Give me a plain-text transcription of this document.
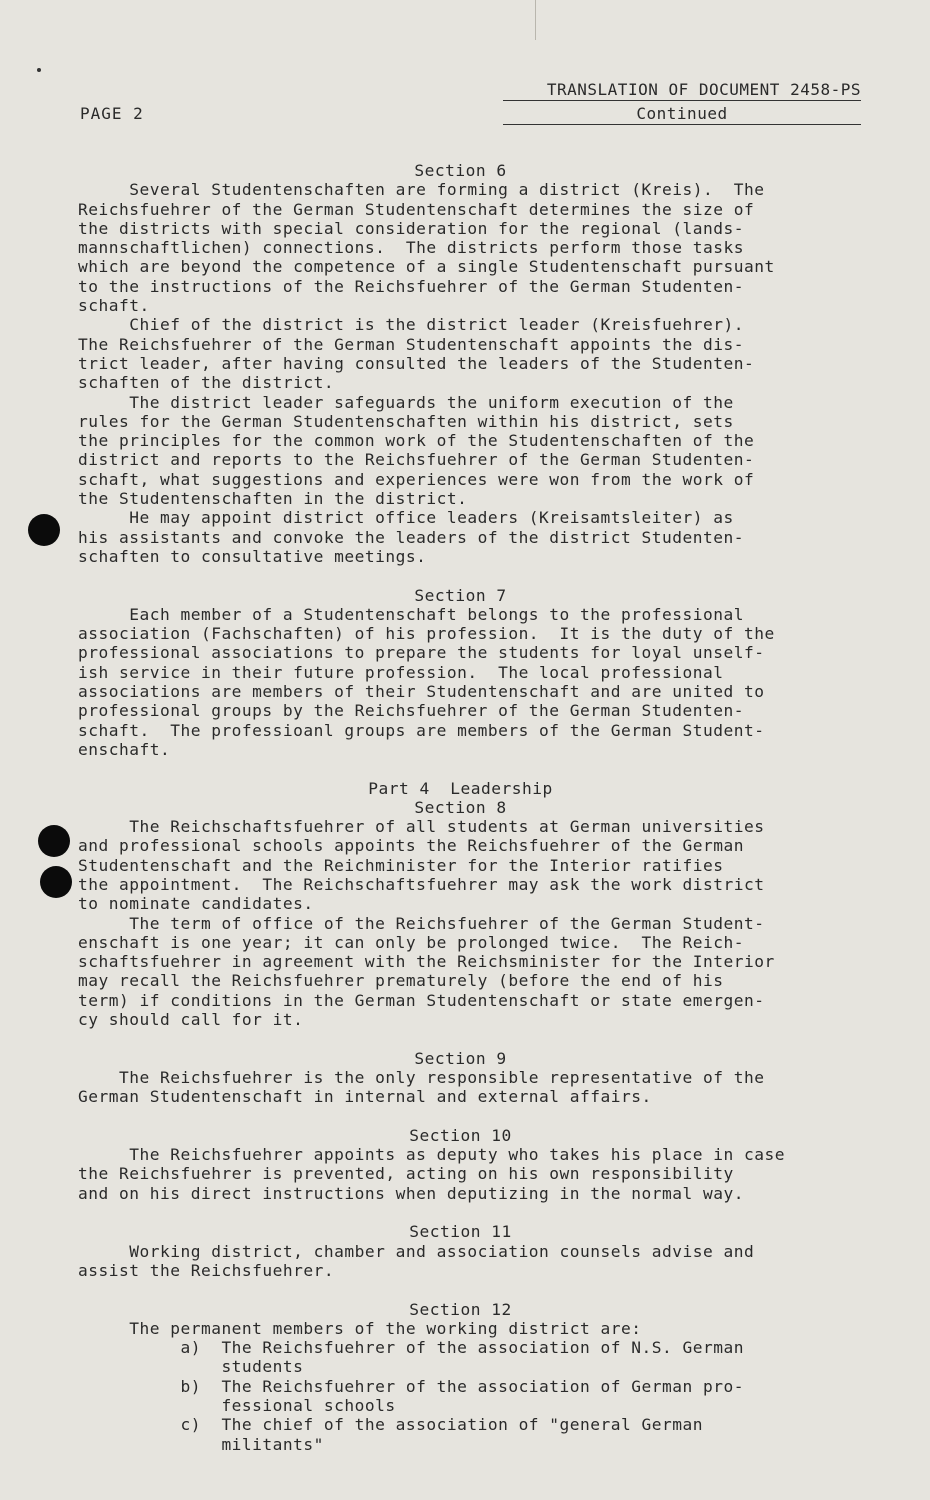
PAGE 2
TRANSLATION OF DOCUMENT 2458-PS
Continued
Section 6
Several Studentenschaften are forming a district (Kreis).  The
Reichsfuehrer of the German Studentenschaft determines the size of
the districts with special consideration for the regional (lands-
mannschaftlichen) connections.  The districts perform those tasks
which are beyond the competence of a single Studentenschaft pursuant
to the instructions of the Reichsfuehrer of the German Studenten-
schaft.
Chief of the district is the district leader (Kreisfuehrer).
The Reichsfuehrer of the German Studentenschaft appoints the dis-
trict leader, after having consulted the leaders of the Studenten-
schaften of the district.
The district leader safeguards the uniform execution of the
rules for the German Studentenschaften within his district, sets
the principles for the common work of the Studentenschaften of the
district and reports to the Reichsfuehrer of the German Studenten-
schaft, what suggestions and experiences were won from the work of
the Studentenschaften in the district.
He may appoint district office leaders (Kreisamtsleiter) as
his assistants and convoke the leaders of the district Studenten-
schaften to consultative meetings.
Section 7
Each member of a Studentenschaft belongs to the professional
association (Fachschaften) of his profession.  It is the duty of the
professional associations to prepare the students for loyal unself-
ish service in their future profession.  The local professional
associations are members of their Studentenschaft and are united to
professional groups by the Reichsfuehrer of the German Studenten-
schaft.  The professioanl groups are members of the German Student-
enschaft.
Part 4  Leadership
Section 8
The Reichschaftsfuehrer of all students at German universities
and professional schools appoints the Reichsfuehrer of the German
Studentenschaft and the Reichminister for the Interior ratifies
the appointment.  The Reichschaftsfuehrer may ask the work district
to nominate candidates.
The term of office of the Reichsfuehrer of the German Student-
enschaft is one year; it can only be prolonged twice.  The Reich-
schaftsfuehrer in agreement with the Reichsminister for the Interior
may recall the Reichsfuehrer prematurely (before the end of his
term) if conditions in the German Studentenschaft or state emergen-
cy should call for it.
Section 9
The Reichsfuehrer is the only responsible representative of the
German Studentenschaft in internal and external affairs.
Section 10
The Reichsfuehrer appoints as deputy who takes his place in case
the Reichsfuehrer is prevented, acting on his own responsibility
and on his direct instructions when deputizing in the normal way.
Section 11
Working district, chamber and association counsels advise and
assist the Reichsfuehrer.
Section 12
The permanent members of the working district are:
a)  The Reichsfuehrer of the association of N.S. German
students
b)  The Reichsfuehrer of the association of German pro-
fessional schools
c)  The chief of the association of "general German
militants"
